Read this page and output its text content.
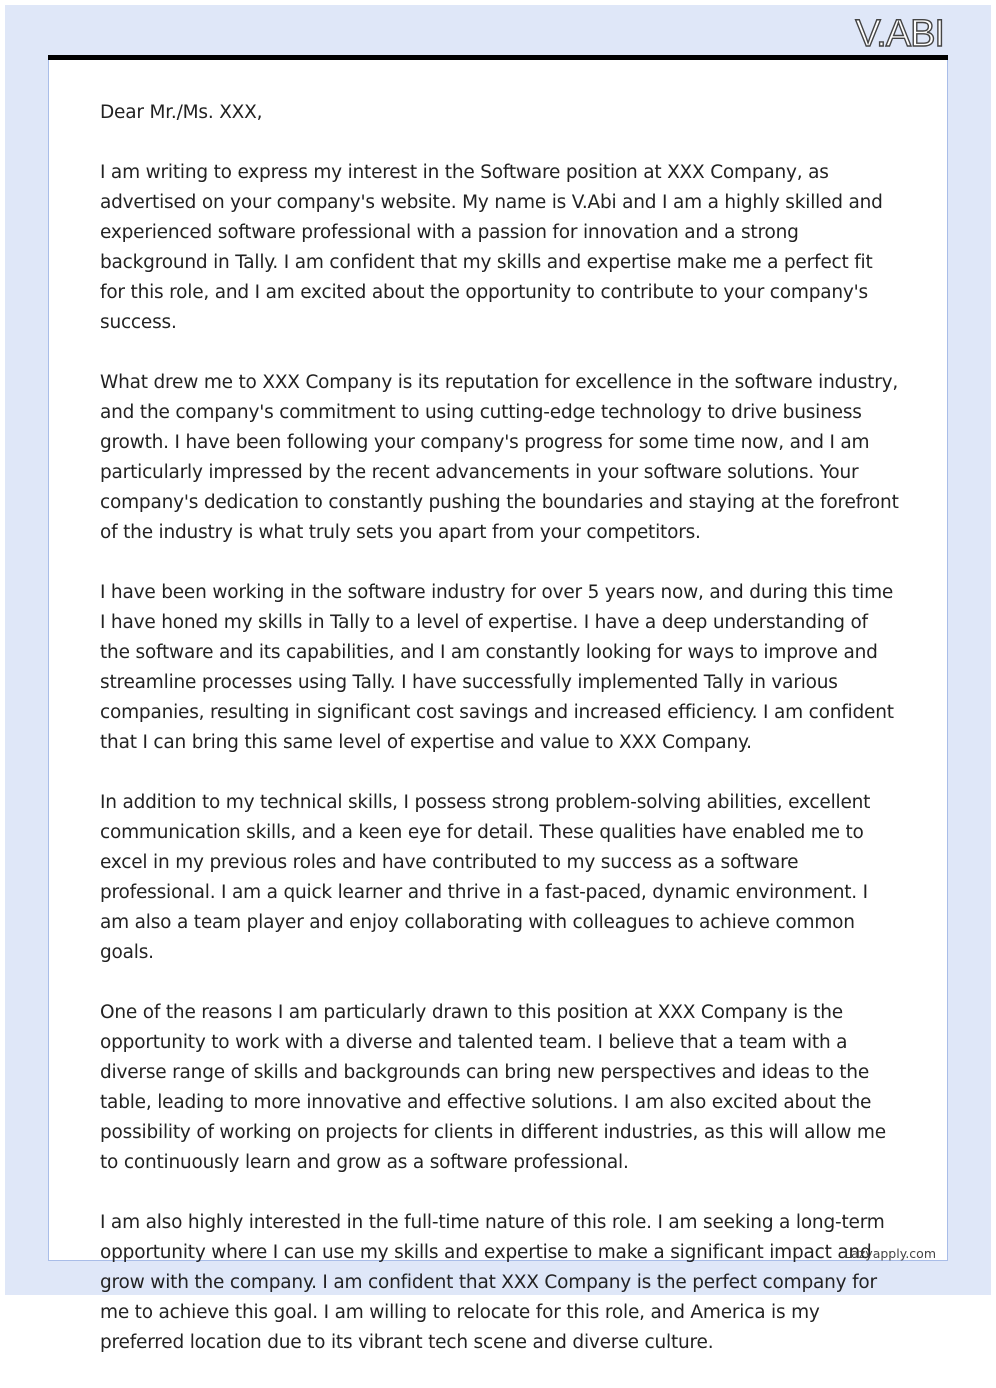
V.ABI

Dear Mr./Ms. XXX,

I am writing to express my interest in the Software position at XXX Company, as advertised on your company's website. My name is V.Abi and I am a highly skilled and experienced software professional with a passion for innovation and a strong background in Tally. I am confident that my skills and expertise make me a perfect fit for this role, and I am excited about the opportunity to contribute to your company's success.

What drew me to XXX Company is its reputation for excellence in the software industry, and the company's commitment to using cutting-edge technology to drive business growth. I have been following your company's progress for some time now, and I am particularly impressed by the recent advancements in your software solutions. Your company's dedication to constantly pushing the boundaries and staying at the forefront of the industry is what truly sets you apart from your competitors.

I have been working in the software industry for over 5 years now, and during this time I have honed my skills in Tally to a level of expertise. I have a deep understanding of the software and its capabilities, and I am constantly looking for ways to improve and streamline processes using Tally. I have successfully implemented Tally in various companies, resulting in significant cost savings and increased efficiency. I am confident that I can bring this same level of expertise and value to XXX Company.

In addition to my technical skills, I possess strong problem-solving abilities, excellent communication skills, and a keen eye for detail. These qualities have enabled me to excel in my previous roles and have contributed to my success as a software professional. I am a quick learner and thrive in a fast-paced, dynamic environment. I am also a team player and enjoy collaborating with colleagues to achieve common goals.

One of the reasons I am particularly drawn to this position at XXX Company is the opportunity to work with a diverse and talented team. I believe that a team with a diverse range of skills and backgrounds can bring new perspectives and ideas to the table, leading to more innovative and effective solutions. I am also excited about the possibility of working on projects for clients in different industries, as this will allow me to continuously learn and grow as a software professional.

I am also highly interested in the full-time nature of this role. I am seeking a long-term opportunity where I can use my skills and expertise to make a significant impact and grow with the company. I am confident that XXX Company is the perfect company for me to achieve this goal. I am willing to relocate for this role, and America is my preferred location due to its vibrant tech scene and diverse culture.

Lazyapply.com
